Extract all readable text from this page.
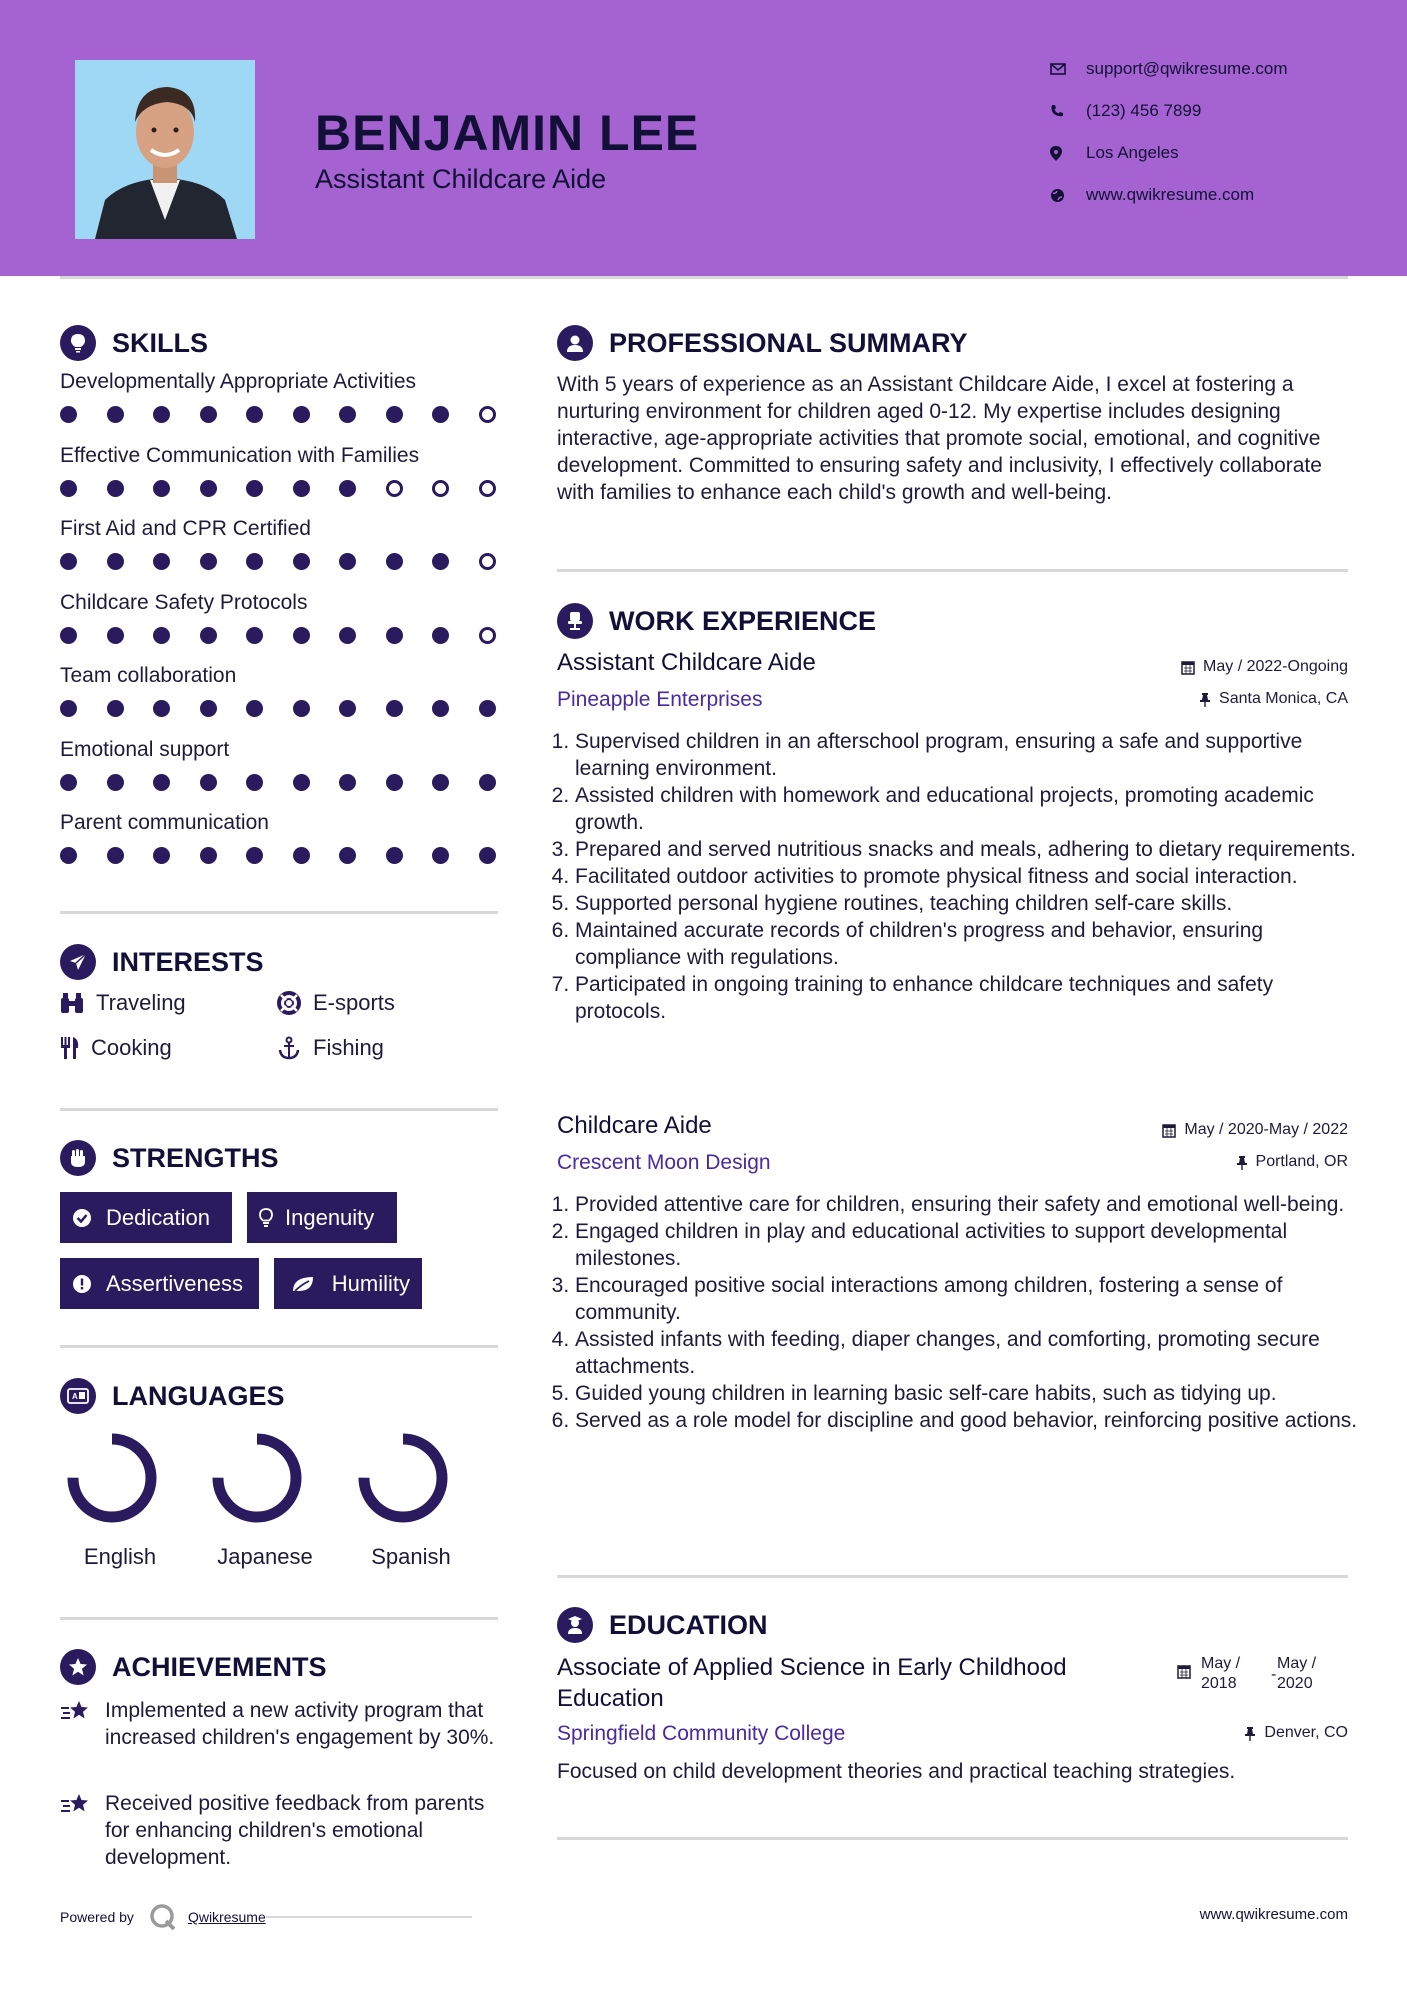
BENJAMIN LEE
Assistant Childcare Aide
support@qwikresume.com
(123) 456 7899
Los Angeles
www.qwikresume.com
SKILLS
Developmentally Appropriate Activities
Effective Communication with Families
First Aid and CPR Certified
Childcare Safety Protocols
Team collaboration
Emotional support
Parent communication
INTERESTS
Traveling	E-sports
Cooking	Fishing
STRENGTHS
Dedication	Ingenuity
Assertiveness	Humility
A LANGUAGES
English	Japanese	Spanish
ACHIEVEMENTS
Implemented a new activity program that increased children's engagement by 30%.
Received positive feedback from parents for enhancing children's emotional development.
PROFESSIONAL SUMMARY
With 5 years of experience as an Assistant Childcare Aide, I excel at fostering a nurturing environment for children aged 0-12. My expertise includes designing interactive, age-appropriate activities that promote social, emotional, and cognitive development. Committed to ensuring safety and inclusivity, I effectively collaborate with families to enhance each child's growth and well-being.
WORK EXPERIENCE
Assistant Childcare Aide	May / 2022-Ongoing
Pineapple Enterprises	Santa Monica, CA
1. Supervised children in an afterschool program, ensuring a safe and supportive learning environment.
2. Assisted children with homework and educational projects, promoting academic growth.
3. Prepared and served nutritious snacks and meals, adhering to dietary requirements.
4. Facilitated outdoor activities to promote physical fitness and social interaction.
5. Supported personal hygiene routines, teaching children self-care skills.
6. Maintained accurate records of children's progress and behavior, ensuring compliance with regulations.
7. Participated in ongoing training to enhance childcare techniques and safety protocols.
Childcare Aide	May / 2020-May / 2022
Crescent Moon Design	Portland, OR
1. Provided attentive care for children, ensuring their safety and emotional well-being.
2. Engaged children in play and educational activities to support developmental milestones.
3. Encouraged positive social interactions among children, fostering a sense of community.
4. Assisted infants with feeding, diaper changes, and comforting, promoting secure attachments.
5. Guided young children in learning basic self-care habits, such as tidying up.
6. Served as a role model for discipline and good behavior, reinforcing positive actions.
EDUCATION
Associate of Applied Science in Early Childhood Education
May /
2018
-
May /
2020
Springfield Community College	Denver, CO
Focused on child development theories and practical teaching strategies.
Powered by	Qwikresume	www.qwikresume.com
